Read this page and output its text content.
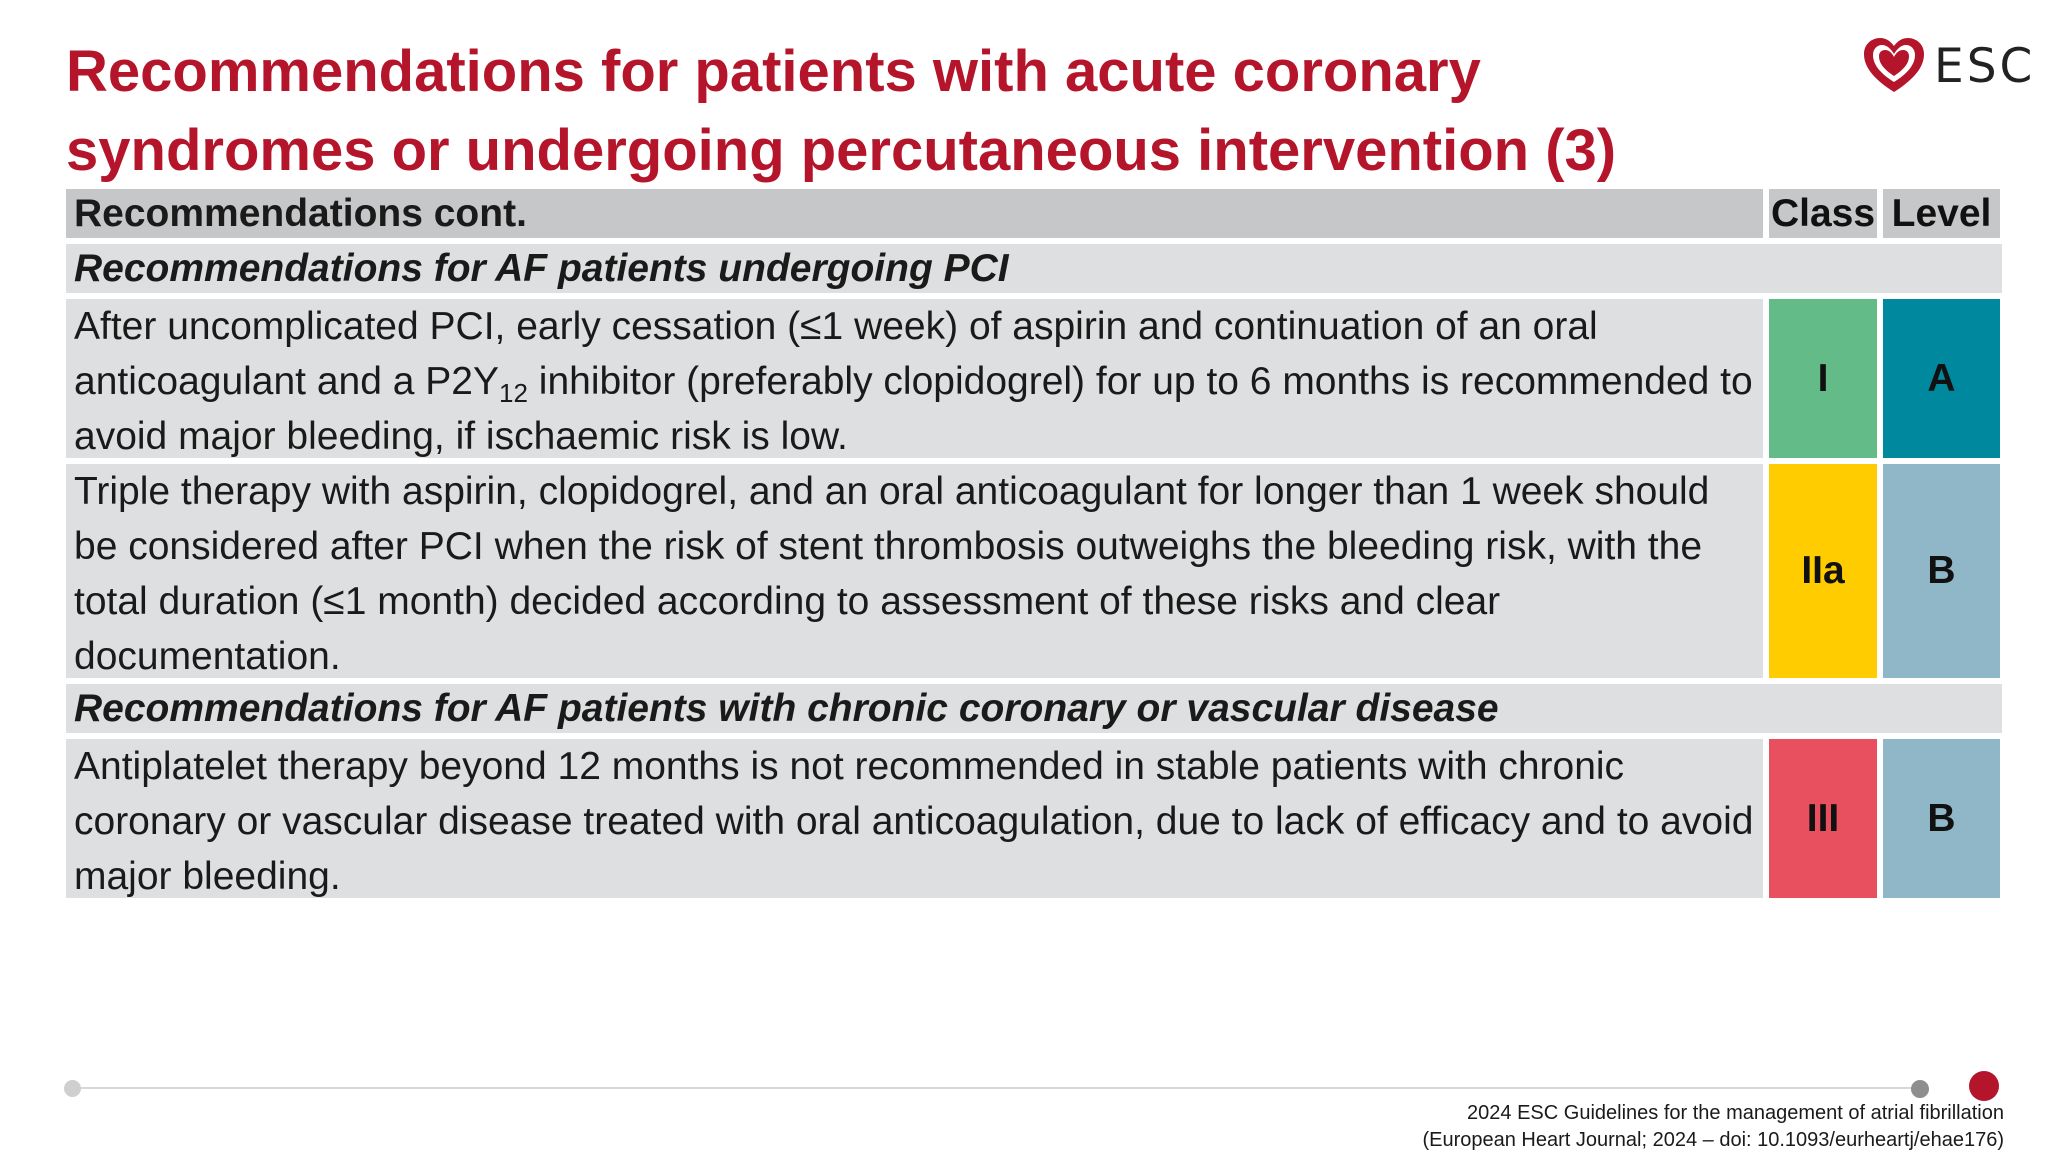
Recommendations for patients with acute coronary
syndromes or undergoing percutaneous intervention (3)
ESC
Recommendations cont.	Class Level
Recommendations for AF patients undergoing PCI
After uncomplicated PCI, early cessation (≤1 week) of aspirin and continuation of an oral anticoagulant and a $P2Y_{12}$ inhibitor (preferably clopidogrel) for up to 6 months is recommended to avoid major bleeding, if ischaemic risk is low.
I	A
Triple therapy with aspirin, clopidogrel, and an oral anticoagulant for longer than 1 week should be considered after PCI when the risk of stent thrombosis outweighs the bleeding risk, with the total duration (≤1 month) decided according to assessment of these risks and clear documentation.
IIa	B
Recommendations for AF patients with chronic coronary or vascular disease
Antiplatelet therapy beyond 12 months is not recommended in stable patients with chronic coronary or vascular disease treated with oral anticoagulation, due to lack of efficacy and to avoid major bleeding.
III	B
2024 ESC Guidelines for the management of atrial fibrillation
(European Heart Journal; 2024 – doi: 10.1093/eurheartj/ehae176)
